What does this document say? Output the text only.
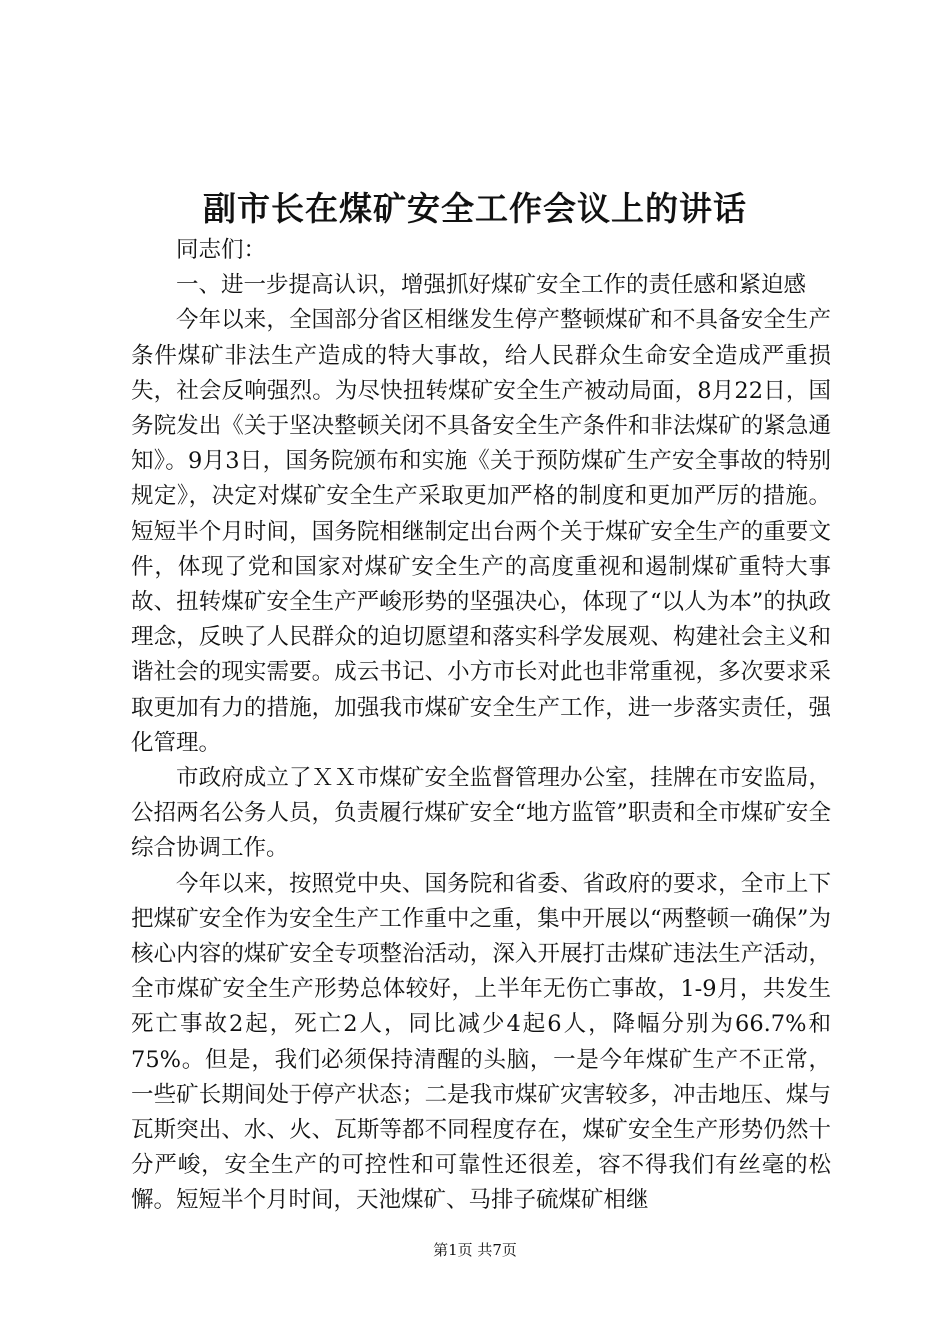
副市长在煤矿安全工作会议上的讲话

同志们：

一、进一步提高认识，增强抓好煤矿安全工作的责任感和紧迫感

今年以来，全国部分省区相继发生停产整顿煤矿和不具备安全生产条件煤矿非法生产造成的特大事故，给人民群众生命安全造成严重损失，社会反响强烈。为尽快扭转煤矿安全生产被动局面，8月22日，国务院发出《关于坚决整顿关闭不具备安全生产条件和非法煤矿的紧急通知》。9月3日，国务院颁布和实施《关于预防煤矿生产安全事故的特别规定》，决定对煤矿安全生产采取更加严格的制度和更加严厉的措施。短短半个月时间，国务院相继制定出台两个关于煤矿安全生产的重要文件，体现了党和国家对煤矿安全生产的高度重视和遏制煤矿重特大事故、扭转煤矿安全生产严峻形势的坚强决心，体现了“以人为本”的执政理念，反映了人民群众的迫切愿望和落实科学发展观、构建社会主义和谐社会的现实需要。成云书记、小方市长对此也非常重视，多次要求采取更加有力的措施，加强我市煤矿安全生产工作，进一步落实责任，强化管理。

市政府成立了ＸＸ市煤矿安全监督管理办公室，挂牌在市安监局，公招两名公务人员，负责履行煤矿安全“地方监管”职责和全市煤矿安全综合协调工作。

今年以来，按照党中央、国务院和省委、省政府的要求，全市上下把煤矿安全作为安全生产工作重中之重，集中开展以“两整顿一确保”为核心内容的煤矿安全专项整治活动，深入开展打击煤矿违法生产活动，全市煤矿安全生产形势总体较好，上半年无伤亡事故，1-9月，共发生死亡事故2起，死亡2人，同比减少4起6人，降幅分别为66.7%和75%。但是，我们必须保持清醒的头脑，一是今年煤矿生产不正常，一些矿长期间处于停产状态；二是我市煤矿灾害较多，冲击地压、煤与瓦斯突出、水、火、瓦斯等都不同程度存在，煤矿安全生产形势仍然十分严峻，安全生产的可控性和可靠性还很差，容不得我们有丝毫的松懈。短短半个月时间，天池煤矿、马排子硫煤矿相继

第1页 共7页
